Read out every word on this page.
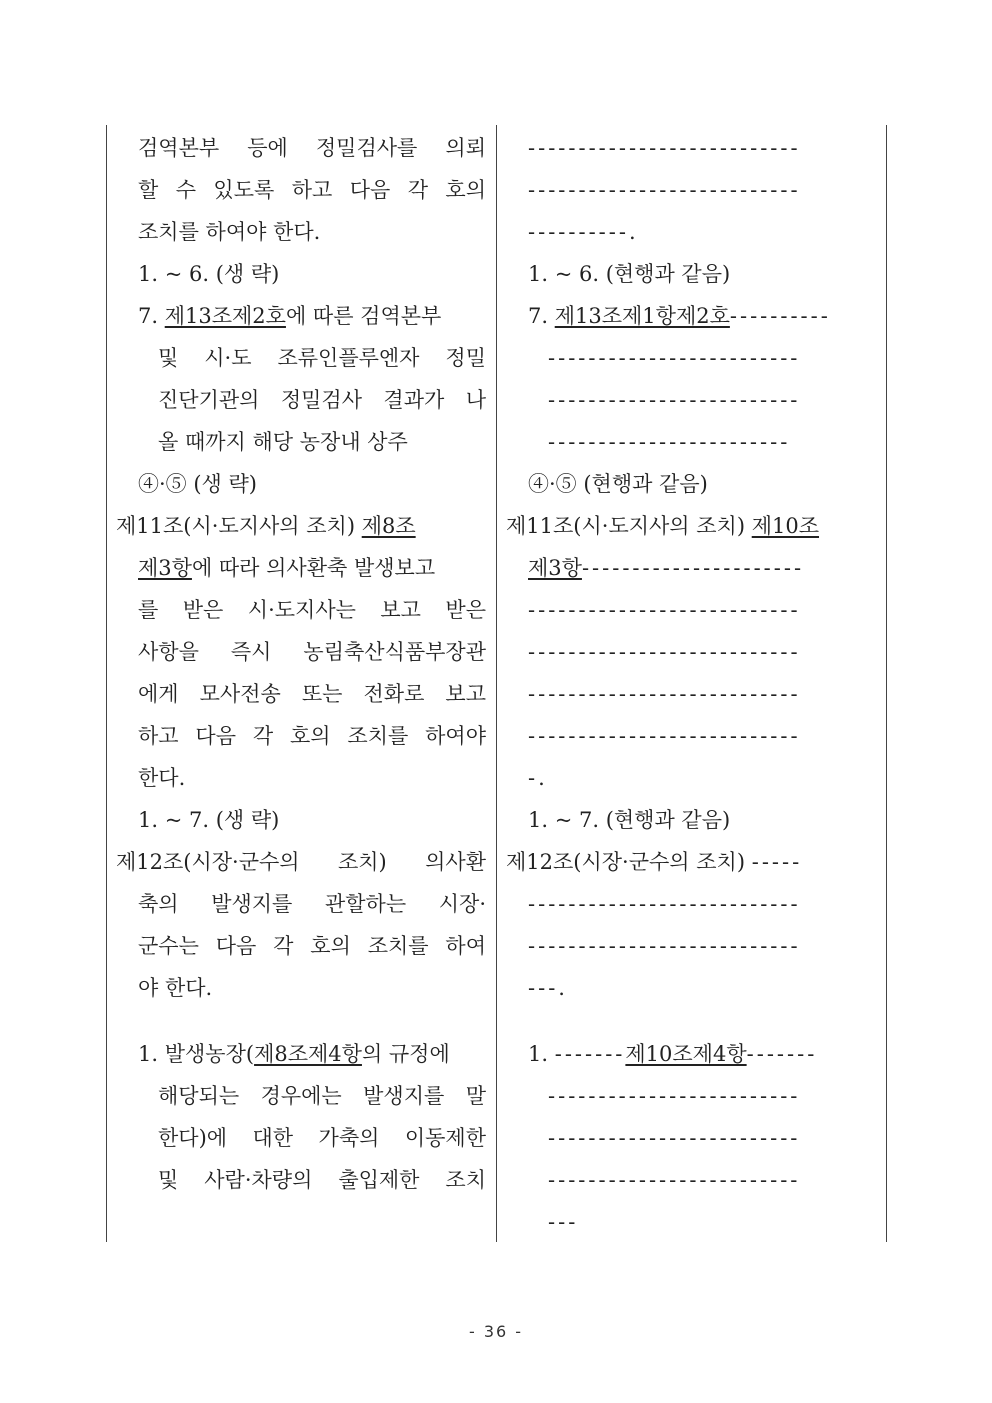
검역본부 등에 정밀검사를 의뢰
할 수 있도록 하고 다음 각 호의
조치를 하여야 한다.
1. ~ 6. (생 략)
7. 제13조제2호에 따른 검역본부
및 시·도 조류인플루엔자 정밀
진단기관의 정밀검사 결과가 나
올 때까지 해당 농장내 상주
④·⑤ (생 략)
제11조(시·도지사의 조치) 제8조
제3항에 따라 의사환축 발생보고
를 받은 시·도지사는 보고 받은
사항을 즉시 농림축산식품부장관
에게 모사전송 또는 전화로 보고
하고 다음 각 호의 조치를 하여야
한다.
1. ~ 7. (생 략)
제12조(시장·군수의 조치) 의사환
축의 발생지를 관할하는 시장·
군수는 다음 각 호의 조치를 하여
야 한다.
1. 발생농장(제8조제4항의 규정에
해당되는 경우에는 발생지를 말
한다)에 대한 가축의 이동제한
및 사람·차량의 출입제한 조치
---------------------------
---------------------------
----------.
1. ~ 6. (현행과 같음)
7. 제13조제1항제2호----------
-------------------------
-------------------------
------------------------
④·⑤ (현행과 같음)
제11조(시·도지사의 조치) 제10조
제3항----------------------
---------------------------
---------------------------
---------------------------
---------------------------
-.
1. ~ 7. (현행과 같음)
제12조(시장·군수의 조치) -----
---------------------------
---------------------------
---.
1. -------제10조제4항-------
-------------------------
-------------------------
-------------------------
---
- 36 -
